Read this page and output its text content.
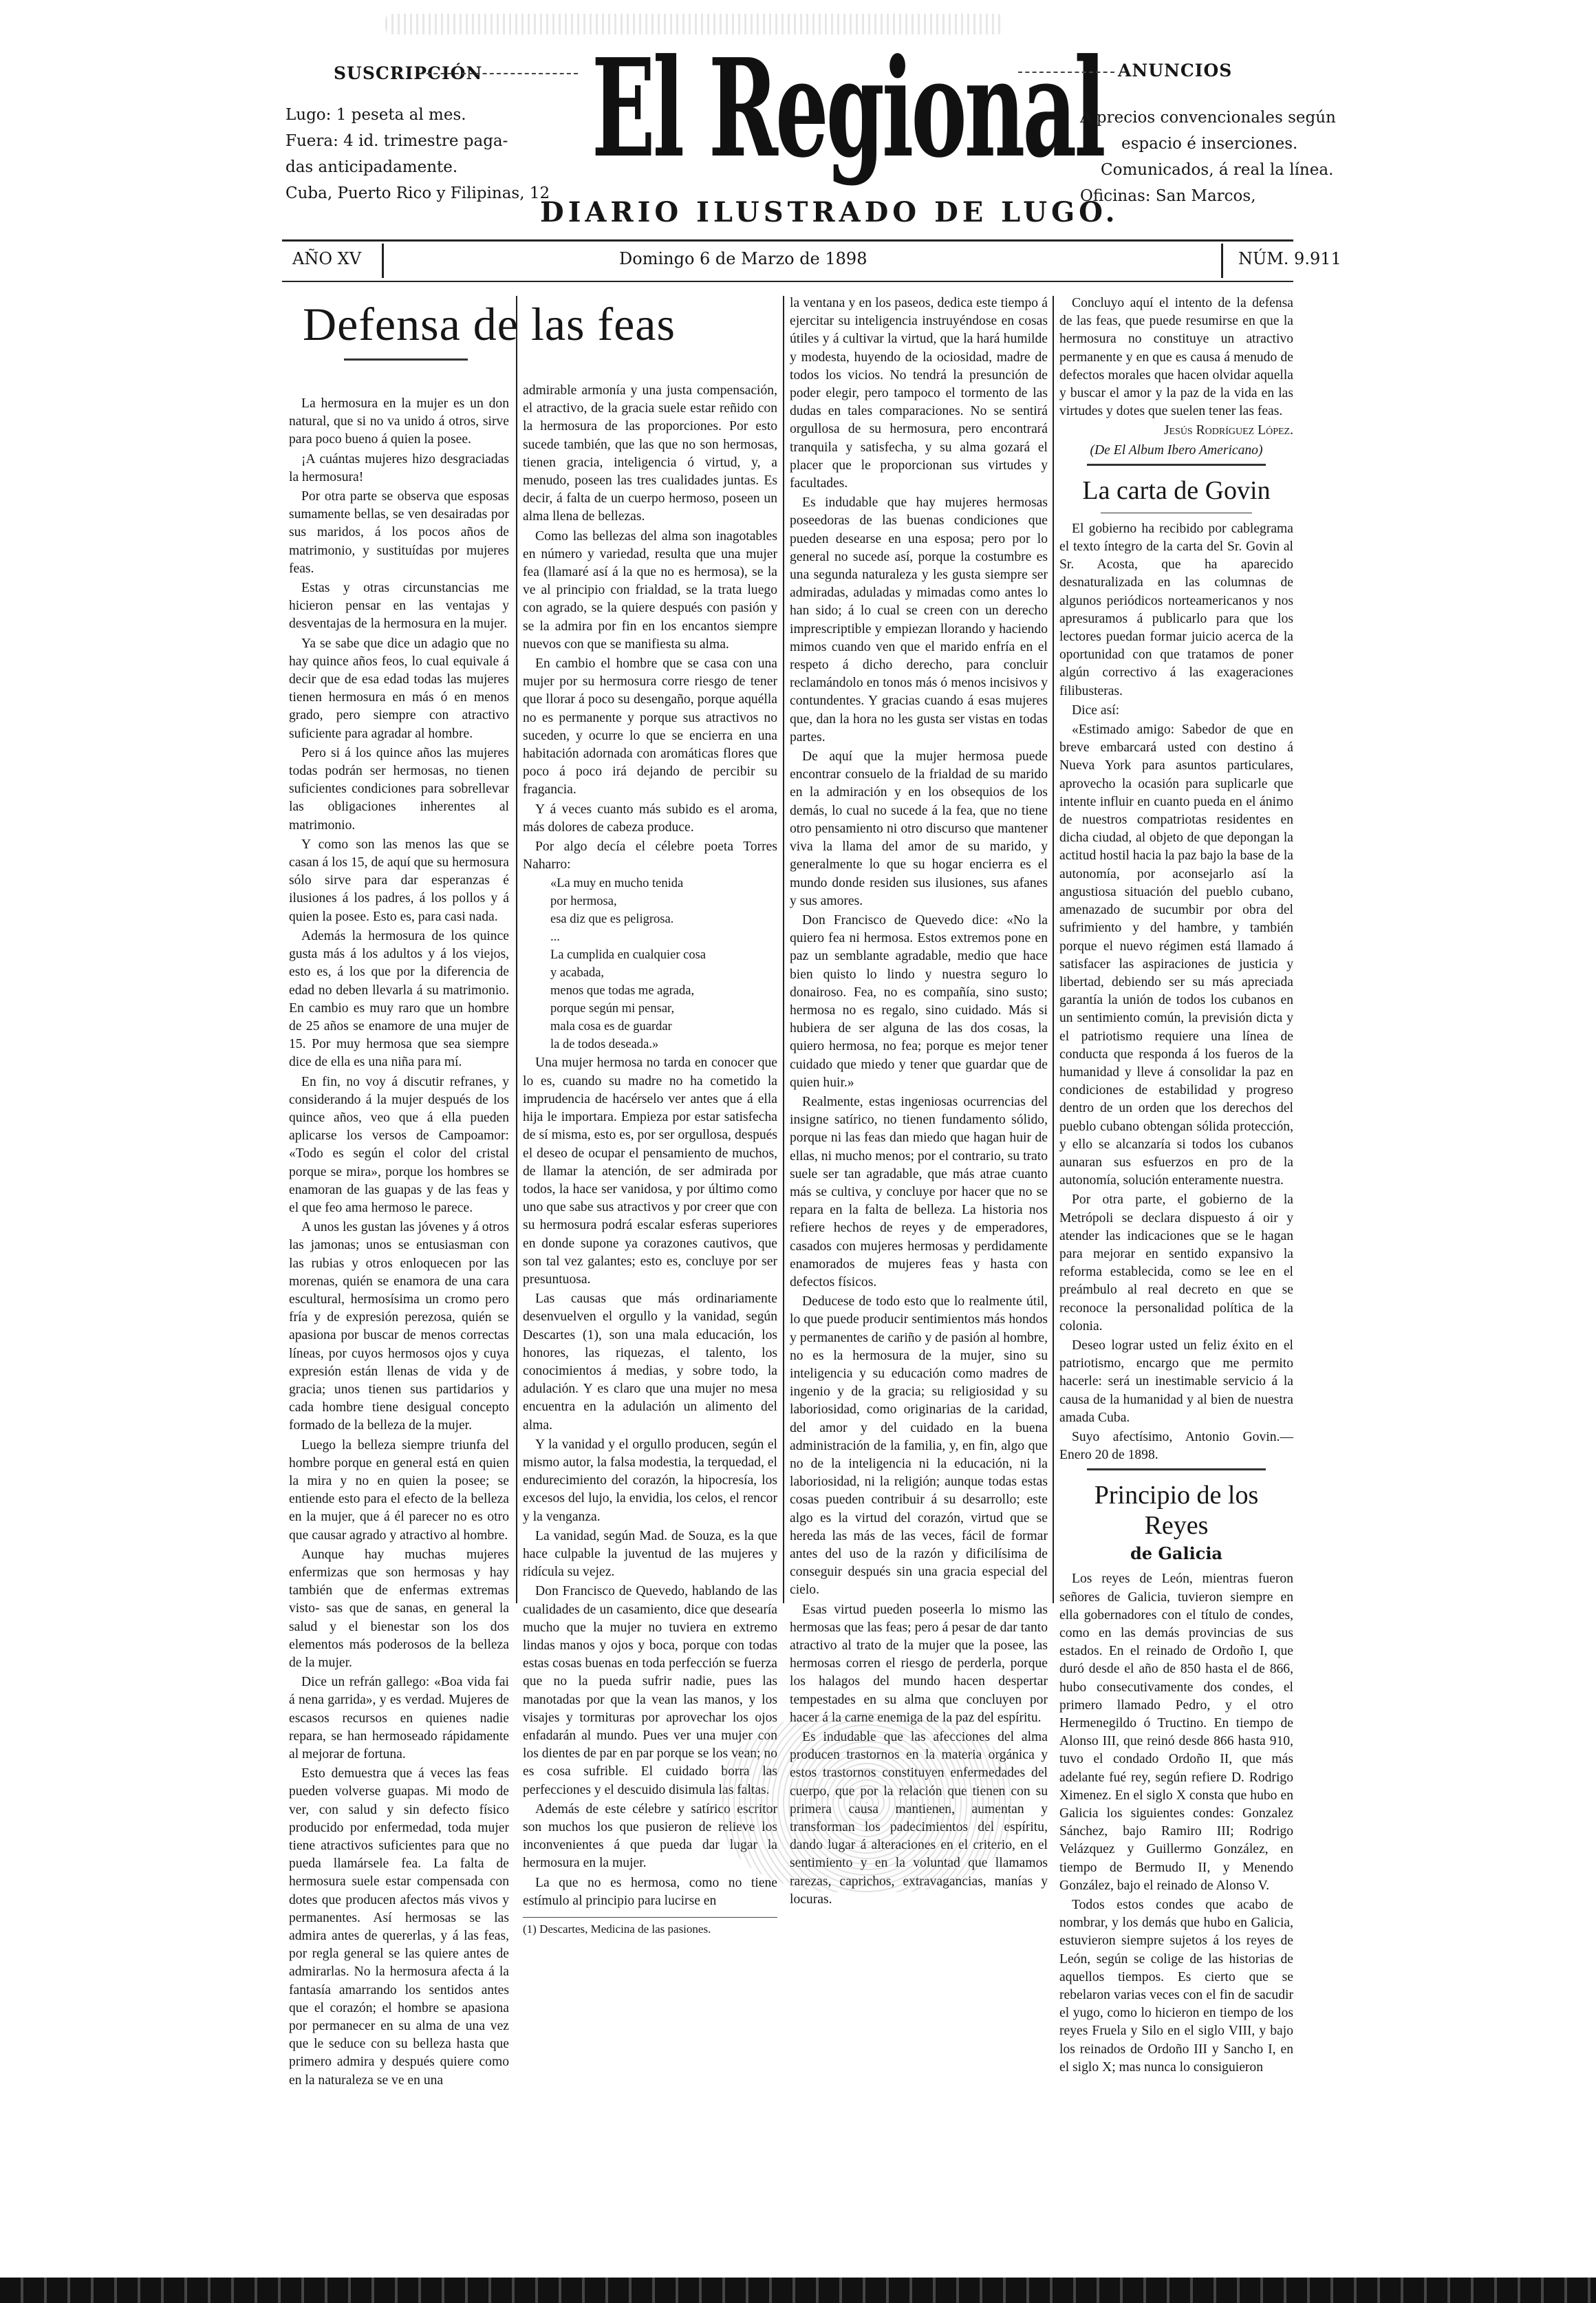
SUSCRIPCIÓN
Lugo: 1 peseta al mes.
Fuera: 4 id. trimestre paga-
das anticipadamente.
Cuba, Puerto Rico y Filipinas, 12
El Regional
DIARIO ILUSTRADO DE LUGO.
ANUNCIOS
A precios convencionales según
espacio é inserciones.
Comunicados, á real la línea.
Oficinas: San Marcos,
AÑO XV	Domingo 6 de Marzo de 1898	NÚM. 9.911
Defensa de las feas

La hermosura en la mujer es un don natural, que si no va unido á otros, sirve para poco bueno á quien la posee.

¡A cuántas mujeres hizo desgraciadas la hermosura!

Por otra parte se observa que esposas sumamente bellas, se ven desairadas por sus maridos, á los pocos años de matrimonio, y sustituídas por mujeres feas.

Estas y otras circunstancias me hicieron pensar en las ventajas y desventajas de la hermosura en la mujer.

Ya se sabe que dice un adagio que no hay quince años feos, lo cual equivale á decir que de esa edad todas las mujeres tienen hermosura en más ó en menos grado, pero siempre con atractivo suficiente para agradar al hombre.

Pero si á los quince años las mujeres todas podrán ser hermosas, no tienen suficientes condiciones para sobrellevar las obligaciones inherentes al matrimonio.

Y como son las menos las que se casan á los 15, de aquí que su hermosura sólo sirve para dar esperanzas é ilusiones á los padres, á los pollos y á quien la posee. Esto es, para casi nada.

Además la hermosura de los quince gusta más á los adultos y á los viejos, esto es, á los que por la diferencia de edad no deben llevarla á su matrimonio. En cambio es muy raro que un hombre de 25 años se enamore de una mujer de 15. Por muy hermosa que sea siempre dice de ella es una niña para mí.

En fin, no voy á discutir refranes, y considerando á la mujer después de los quince años, veo que á ella pueden aplicarse los versos de Campoamor: «Todo es según el color del cristal porque se mira», porque los hombres se enamoran de las guapas y de las feas y el que feo ama hermoso le parece.

A unos les gustan las jóvenes y á otros las jamonas; unos se entusiasman con las rubias y otros enloquecen por las morenas, quién se enamora de una cara escultural, hermosísima un cromo pero fría y de expresión perezosa, quién se apasiona por buscar de menos correctas líneas, por cuyos hermosos ojos y cuya expresión están llenas de vida y de gracia; unos tienen sus partidarios y cada hombre tiene desigual concepto formado de la belleza de la mujer.

Luego la belleza siempre triunfa del hombre porque en general está en quien la mira y no en quien la posee; se entiende esto para el efecto de la belleza en la mujer, que á él parecer no es otro que causar agrado y atractivo al hombre.

Aunque hay muchas mujeres enfermizas que son hermosas y hay también que de enfermas extremas visto- sas que de sanas, en general la salud y el bienestar son los dos elementos más poderosos de la belleza de la mujer.

Dice un refrán gallego: «Boa vida fai á nena garrida», y es verdad. Mujeres de escasos recursos en quienes nadie repara, se han hermoseado rápidamente al mejorar de fortuna.

Esto demuestra que á veces las feas pueden volverse guapas. Mi modo de ver, con salud y sin defecto físico producido por enfermedad, toda mujer tiene atractivos suficientes para que no pueda llamársele fea. La falta de hermosura suele estar compensada con dotes que producen afectos más vivos y permanentes. Así hermosas se las admira antes de quererlas, y á las feas, por regla general se las quiere antes de admirarlas. No la hermosura afecta á la fantasía amarrando los sentidos antes que el corazón; el hombre se apasiona por permanecer en su alma de una vez que le seduce con su belleza hasta que primero admira y después quiere como en la naturaleza se ve en una

admirable armonía y una justa compensación, el atractivo, de la gracia suele estar reñido con la hermosura de las proporciones. Por esto sucede también, que las que no son hermosas, tienen gracia, inteligencia ó virtud, y, a menudo, poseen las tres cualidades juntas. Es decir, á falta de un cuerpo hermoso, poseen un alma llena de bellezas.

Como las bellezas del alma son inagotables en número y variedad, resulta que una mujer fea (llamaré así á la que no es hermosa), se la ve al principio con frialdad, se la trata luego con agrado, se la quiere después con pasión y se la admira por fin en los encantos siempre nuevos con que se manifiesta su alma.

En cambio el hombre que se casa con una mujer por su hermosura corre riesgo de tener que llorar á poco su desengaño, porque aquélla no es permanente y porque sus atractivos no suceden, y ocurre lo que se encierra en una habitación adornada con aromáticas flores que poco á poco irá dejando de percibir su fragancia.

Y á veces cuanto más subido es el aroma, más dolores de cabeza produce.

Por algo decía el célebre poeta Torres Naharro:

«La muy en mucho tenida

por hermosa,

esa diz que es peligrosa.

...

La cumplida en cualquier cosa

y acabada,

menos que todas me agrada,

porque según mi pensar,

mala cosa es de guardar

la de todos deseada.»

Una mujer hermosa no tarda en conocer que lo es, cuando su madre no ha cometido la imprudencia de hacérselo ver antes que á ella hija le importara. Empieza por estar satisfecha de sí misma, esto es, por ser orgullosa, después el deseo de ocupar el pensamiento de muchos, de llamar la atención, de ser admirada por todos, la hace ser vanidosa, y por último como uno que sabe sus atractivos y por creer que con su hermosura podrá escalar esferas superiores en donde supone ya corazones cautivos, que son tal vez galantes; esto es, concluye por ser presuntuosa.

Las causas que más ordinariamente desenvuelven el orgullo y la vanidad, según Descartes (1), son una mala educación, los honores, las riquezas, el talento, los conocimientos á medias, y sobre todo, la adulación. Y es claro que una mujer no mesa encuentra en la adulación un alimento del alma.

Y la vanidad y el orgullo producen, según el mismo autor, la falsa modestia, la terquedad, el endurecimiento del corazón, la hipocresía, los excesos del lujo, la envidia, los celos, el rencor y la venganza.

La vanidad, según Mad. de Souza, es la que hace culpable la juventud de las mujeres y ridícula su vejez.

Don Francisco de Quevedo, hablando de las cualidades de un casamiento, dice que desearía mucho que la mujer no tuviera en extremo lindas manos y ojos y boca, porque con todas estas cosas buenas en toda perfección se fuerza que no la pueda sufrir nadie, pues las manotadas por que la vean las manos, y los visajes y tormituras por aprovechar los ojos enfadarán al mundo. Pues ver una mujer con los dientes de par en par porque se los vean; no es cosa sufrible. El cuidado borra las perfecciones y el descuido disimula las faltas.

Además de este célebre y satírico escritor son muchos los que pusieron de relieve los inconvenientes á que pueda dar lugar la hermosura en la mujer.

La que no es hermosa, como no tiene estímulo al principio para lucirse en

(1) Descartes, Medicina de las pasiones.

la ventana y en los paseos, dedica este tiempo á ejercitar su inteligencia instruyéndose en cosas útiles y á cultivar la virtud, que la hará humilde y modesta, huyendo de la ociosidad, madre de todos los vicios. No tendrá la presunción de poder elegir, pero tampoco el tormento de las dudas en tales comparaciones. No se sentirá orgullosa de su hermosura, pero encontrará tranquila y satisfecha, y su alma gozará el placer que le proporcionan sus virtudes y facultades.

Es indudable que hay mujeres hermosas poseedoras de las buenas condiciones que pueden desearse en una esposa; pero por lo general no sucede así, porque la costumbre es una segunda naturaleza y les gusta siempre ser admiradas, aduladas y mimadas como antes lo han sido; á lo cual se creen con un derecho imprescriptible y empiezan llorando y haciendo mimos cuando ven que el marido enfría en el respeto á dicho derecho, para concluir reclamándolo en tonos más ó menos incisivos y contundentes. Y gracias cuando á esas mujeres que, dan la hora no les gusta ser vistas en todas partes.

De aquí que la mujer hermosa puede encontrar consuelo de la frialdad de su marido en la admiración y en los obsequios de los demás, lo cual no sucede á la fea, que no tiene otro pensamiento ni otro discurso que mantener viva la llama del amor de su marido, y generalmente lo que su hogar encierra es el mundo donde residen sus ilusiones, sus afanes y sus amores.

Don Francisco de Quevedo dice: «No la quiero fea ni hermosa. Estos extremos pone en paz un semblante agradable, medio que hace bien quisto lo lindo y nuestra seguro lo donairoso. Fea, no es compañía, sino susto; hermosa no es regalo, sino cuidado. Más si hubiera de ser alguna de las dos cosas, la quiero hermosa, no fea; porque es mejor tener cuidado que miedo y tener que guardar que de quien huir.»

Realmente, estas ingeniosas ocurrencias del insigne satírico, no tienen fundamento sólido, porque ni las feas dan miedo que hagan huir de ellas, ni mucho menos; por el contrario, su trato suele ser tan agradable, que más atrae cuanto más se cultiva, y concluye por hacer que no se repara en la falta de belleza. La historia nos refiere hechos de reyes y de emperadores, casados con mujeres hermosas y perdidamente enamorados de mujeres feas y hasta con defectos físicos.

Deducese de todo esto que lo realmente útil, lo que puede producir sentimientos más hondos y permanentes de cariño y de pasión al hombre, no es la hermosura de la mujer, sino su inteligencia y su educación como madres de ingenio y de la gracia; su religiosidad y su laboriosidad, como originarias de la caridad, del amor y del cuidado en la buena administración de la familia, y, en fin, algo que no de la inteligencia ni la educación, ni la laboriosidad, ni la religión; aunque todas estas cosas pueden contribuir á su desarrollo; este algo es la virtud del corazón, virtud que se hereda las más de las veces, fácil de formar antes del uso de la razón y dificilísima de conseguir después sin una gracia especial del cielo.

Esas virtud pueden poseerla lo mismo las hermosas que las feas; pero á pesar de dar tanto atractivo al trato de la mujer que la posee, las hermosas corren el riesgo de perderla, porque los halagos del mundo hacen despertar tempestades en su alma que concluyen por hacer á la carne enemiga de la paz del espíritu.

Es indudable que las afecciones del alma producen trastornos en la materia orgánica y estos trastornos constituyen enfermedades del cuerpo, que por la relación que tienen con su primera causa mantienen, aumentan y transforman los padecimientos del espíritu, dando lugar á alteraciones en el criterio, en el sentimiento y en la voluntad que llamamos rarezas, caprichos, extravagancias, manías y locuras.

Concluyo aquí el intento de la defensa de las feas, que puede resumirse en que la hermosura no constituye un atractivo permanente y en que es causa á menudo de defectos morales que hacen olvidar aquella y buscar el amor y la paz de la vida en las virtudes y dotes que suelen tener las feas.

Jesús Rodríguez López.

(De El Album Ibero Americano)

La carta de Govin

El gobierno ha recibido por cablegrama el texto íntegro de la carta del Sr. Govin al Sr. Acosta, que ha aparecido desnaturalizada en las columnas de algunos periódicos norteamericanos y nos apresuramos á publicarlo para que los lectores puedan formar juicio acerca de la oportunidad con que tratamos de poner algún correctivo á las exageraciones filibusteras.

Dice así:

«Estimado amigo: Sabedor de que en breve embarcará usted con destino á Nueva York para asuntos particulares, aprovecho la ocasión para suplicarle que intente influir en cuanto pueda en el ánimo de nuestros compatriotas residentes en dicha ciudad, al objeto de que depongan la actitud hostil hacia la paz bajo la base de la autonomía, por aconsejarlo así la angustiosa situación del pueblo cubano, amenazado de sucumbir por obra del sufrimiento y del hambre, y también porque el nuevo régimen está llamado á satisfacer las aspiraciones de justicia y libertad, debiendo ser su más apreciada garantía la unión de todos los cubanos en un sentimiento común, la previsión dicta y el patriotismo requiere una línea de conducta que responda á los fueros de la humanidad y lleve á consolidar la paz en condiciones de estabilidad y progreso dentro de un orden que los derechos del pueblo cubano obtengan sólida protección, y ello se alcanzaría si todos los cubanos aunaran sus esfuerzos en pro de la autonomía, solución enteramente nuestra.

Por otra parte, el gobierno de la Metrópoli se declara dispuesto á oir y atender las indicaciones que se le hagan para mejorar en sentido expansivo la reforma establecida, como se lee en el preámbulo al real decreto en que se reconoce la personalidad política de la colonia.

Deseo lograr usted un feliz éxito en el patriotismo, encargo que me permito hacerle: será un inestimable servicio á la causa de la humanidad y al bien de nuestra amada Cuba.

Suyo afectísimo, Antonio Govin.— Enero 20 de 1898.

Principio de los Reyes
de Galicia

Los reyes de León, mientras fueron señores de Galicia, tuvieron siempre en ella gobernadores con el título de condes, como en las demás provincias de sus estados. En el reinado de Ordoño I, que duró desde el año de 850 hasta el de 866, hubo consecutivamente dos condes, el primero llamado Pedro, y el otro Hermenegildo ó Tructino. En tiempo de Alonso III, que reinó desde 866 hasta 910, tuvo el condado Ordoño II, que más adelante fué rey, según refiere D. Rodrigo Ximenez. En el siglo X consta que hubo en Galicia los siguientes condes: Gonzalez Sánchez, bajo Ramiro III; Rodrigo Velázquez y Guillermo González, en tiempo de Bermudo II, y Menendo González, bajo el reinado de Alonso V.

Todos estos condes que acabo de nombrar, y los demás que hubo en Galicia, estuvieron siempre sujetos á los reyes de León, según se colige de las historias de aquellos tiempos. Es cierto que se rebelaron varias veces con el fin de sacudir el yugo, como lo hicieron en tiempo de los reyes Fruela y Silo en el siglo VIII, y bajo los reinados de Ordoño III y Sancho I, en el siglo X; mas nunca lo consiguieron
